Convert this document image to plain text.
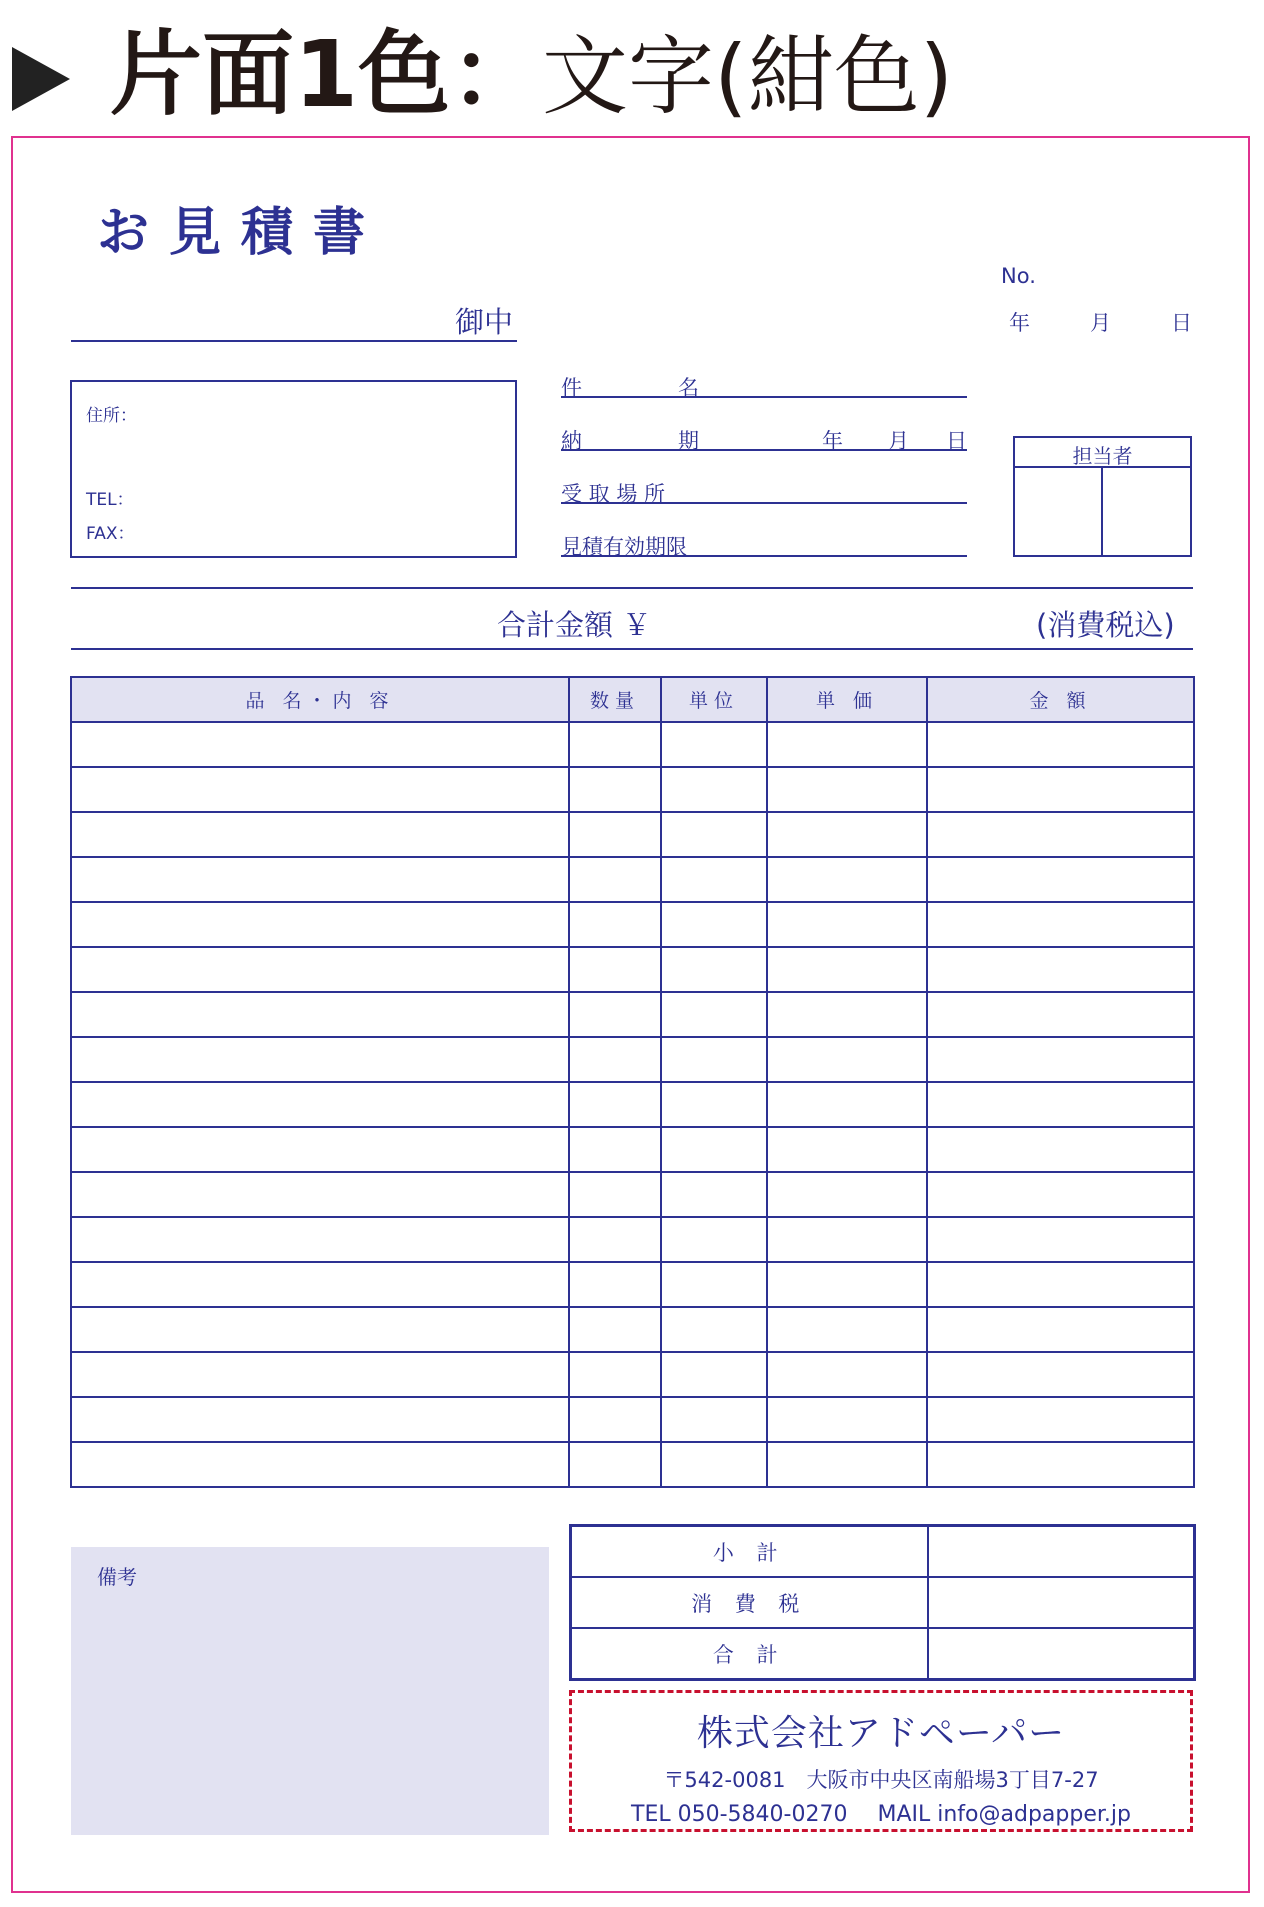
片面1色：文字(紺色)
お見積書
No.
年	月	日
御中
住所：
TEL：
FAX：
件	名
納	期	年 月 日
受 取 場 所
見積有効期限
担当者
合計金額 ￥	(消費税込)
品 名・内 容	数量	単位	単 価	金 額

備考
小 計	
消 費 税	
合 計	
株式会社アドペーパー
〒542-0081　大阪市中央区南船場3丁目7-27
TEL 050-5840-0270 MAIL info@adpapper.jp
